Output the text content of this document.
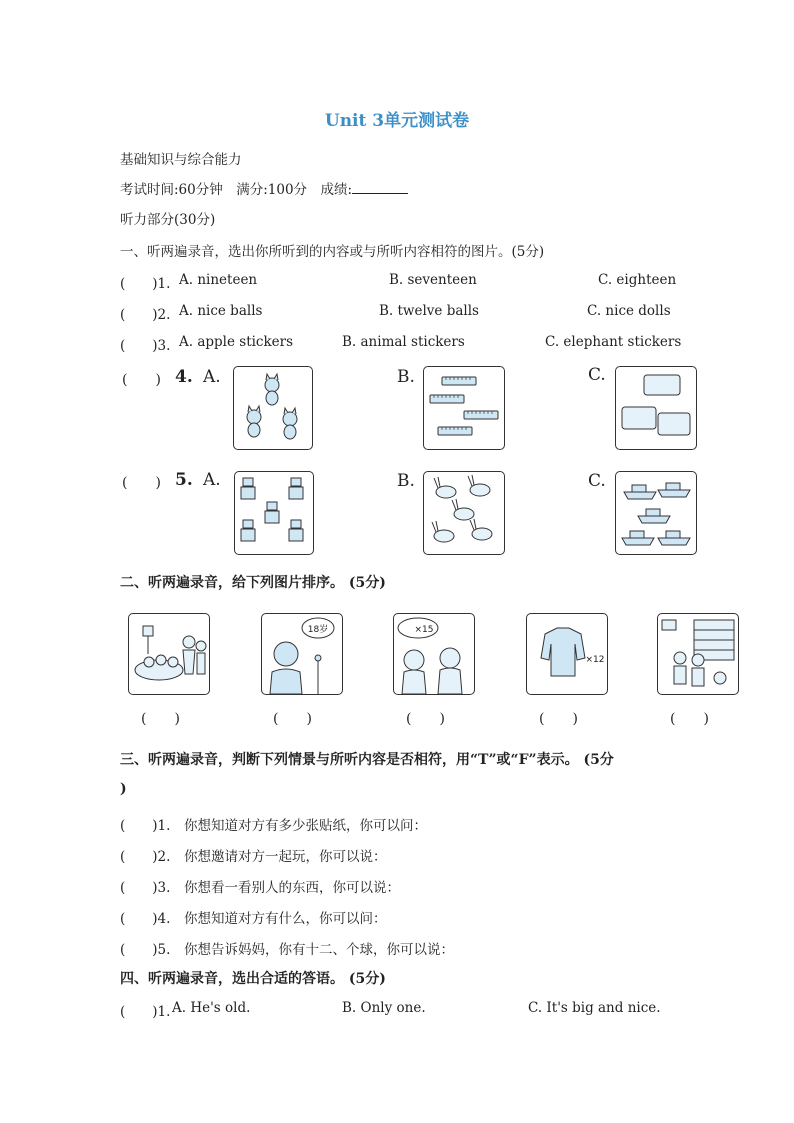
Unit 3单元测试卷
基础知识与综合能力
考试时间:60分钟　满分:100分　成绩:
听力部分(30分)
一、听两遍录音，选出你所听到的内容或与所听内容相符的图片。(5分)
(　　)1. A. nineteen	B. seventeen	C. eighteen
(　　)2. A. nice balls	B. twelve balls	C. nice dolls
(　　)3. A. apple stickers	B. animal stickers	C. elephant stickers
(　　) 4. A.	B.	C.
(　　) 5. A.	B.	C.
二、听两遍录音，给下列图片排序。 (5分)
18岁	×15
×12
(　　)	(　　)	(　　)	(　　)	(　　)
三、听两遍录音，判断下列情景与所听内容是否相符，用“T”或“F”表示。 (5分
)
(　　)1. 你想知道对方有多少张贴纸，你可以问：
(　　)2. 你想邀请对方一起玩，你可以说：
(　　)3. 你想看一看别人的东西，你可以说：
(　　)4. 你想知道对方有什么，你可以问：
(　　)5. 你想告诉妈妈，你有十二、个球，你可以说：
四、听两遍录音，选出合适的答语。 (5分)
(　　)1. A. He's old.	B. Only one.	C. It's big and nice.
